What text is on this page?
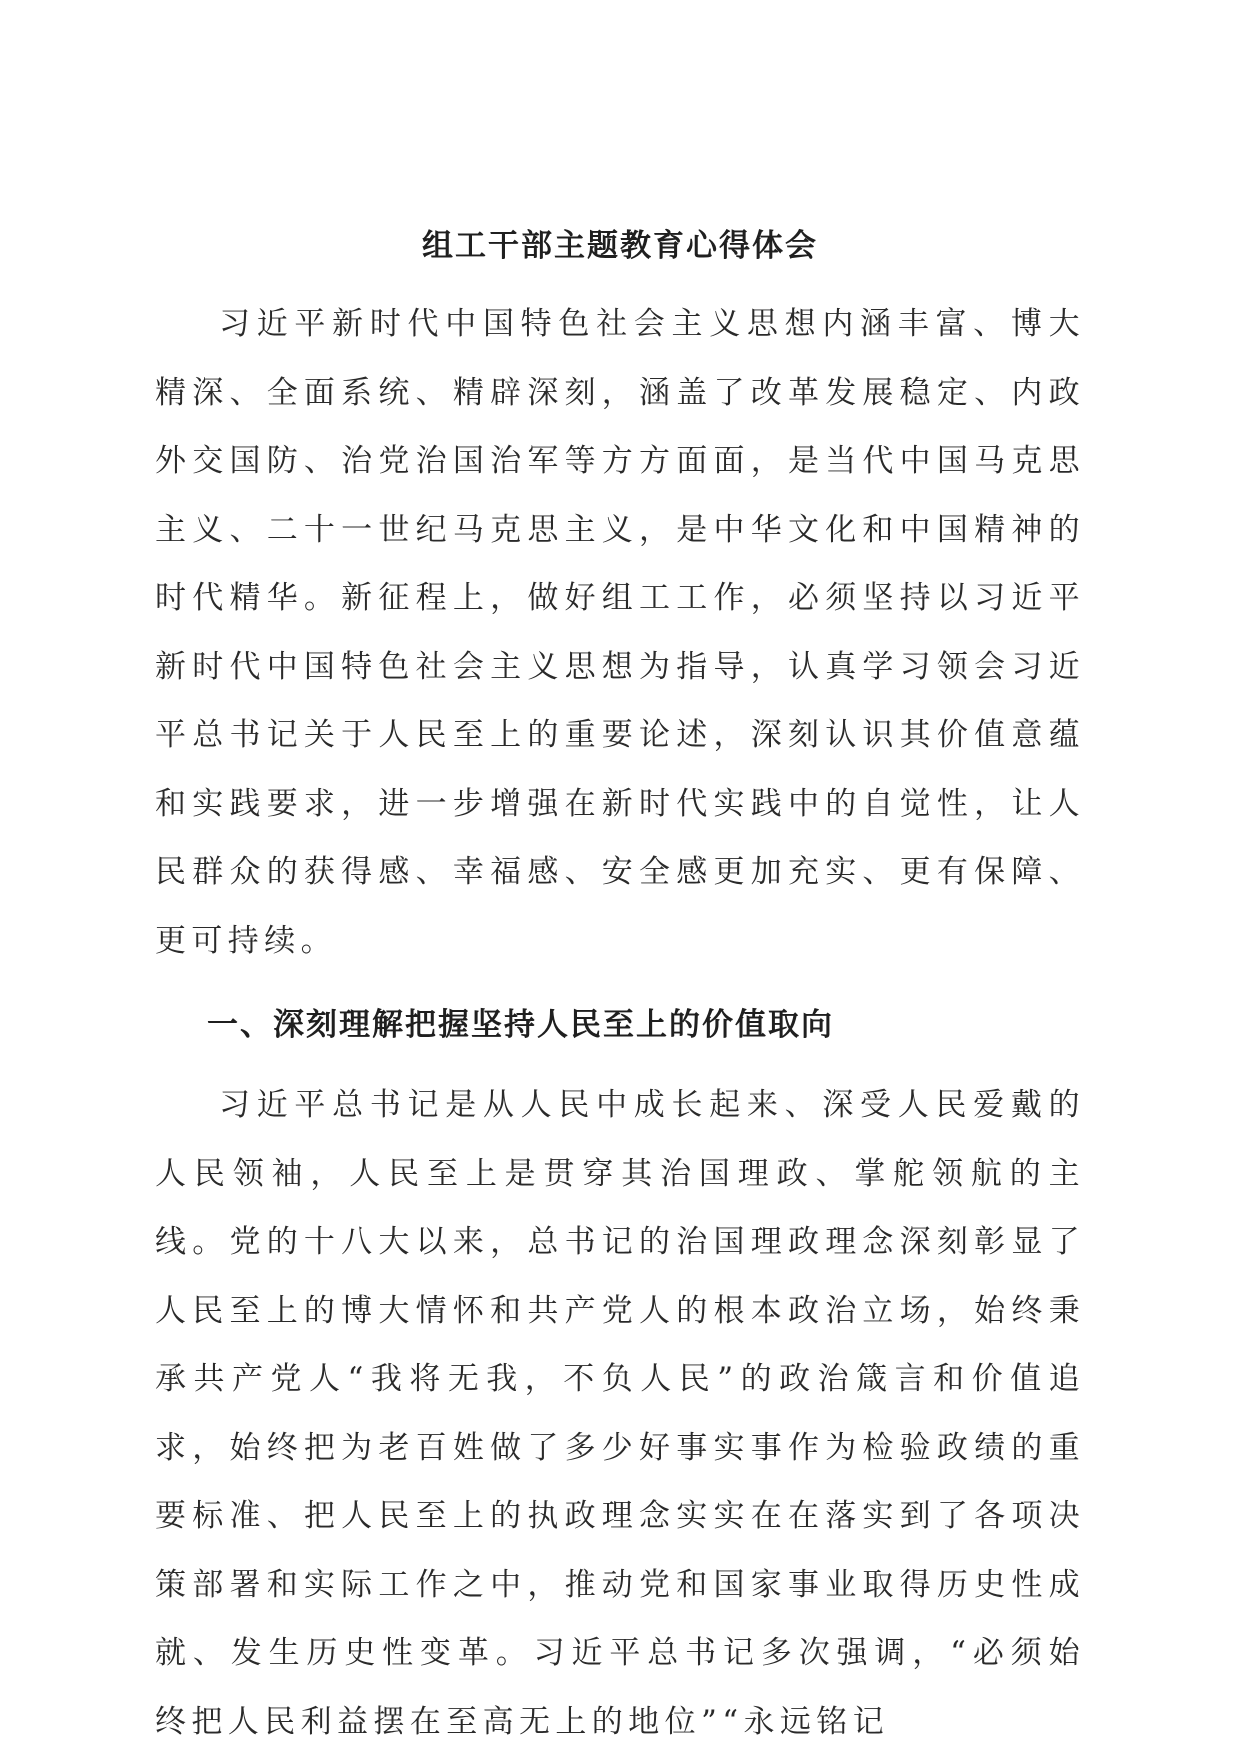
组工干部主题教育心得体会

习近平新时代中国特色社会主义思想内涵丰富、博大精深、全面系统、精辟深刻，涵盖了改革发展稳定、内政外交国防、治党治国治军等方方面面，是当代中国马克思主义、二十一世纪马克思主义，是中华文化和中国精神的时代精华。新征程上，做好组工工作，必须坚持以习近平新时代中国特色社会主义思想为指导，认真学习领会习近平总书记关于人民至上的重要论述，深刻认识其价值意蕴和实践要求，进一步增强在新时代实践中的自觉性，让人民群众的获得感、幸福感、安全感更加充实、更有保障、更可持续。

一、深刻理解把握坚持人民至上的价值取向

习近平总书记是从人民中成长起来、深受人民爱戴的人民领袖，人民至上是贯穿其治国理政、掌舵领航的主线。党的十八大以来，总书记的治国理政理念深刻彰显了人民至上的博大情怀和共产党人的根本政治立场，始终秉承共产党人“我将无我，不负人民”的政治箴言和价值追求，始终把为老百姓做了多少好事实事作为检验政绩的重要标准、把人民至上的执政理念实实在在落实到了各项决策部署和实际工作之中，推动党和国家事业取得历史性成就、发生历史性变革。习近平总书记多次强调，“必须始终把人民利益摆在至高无上的地位”“永远铭记
